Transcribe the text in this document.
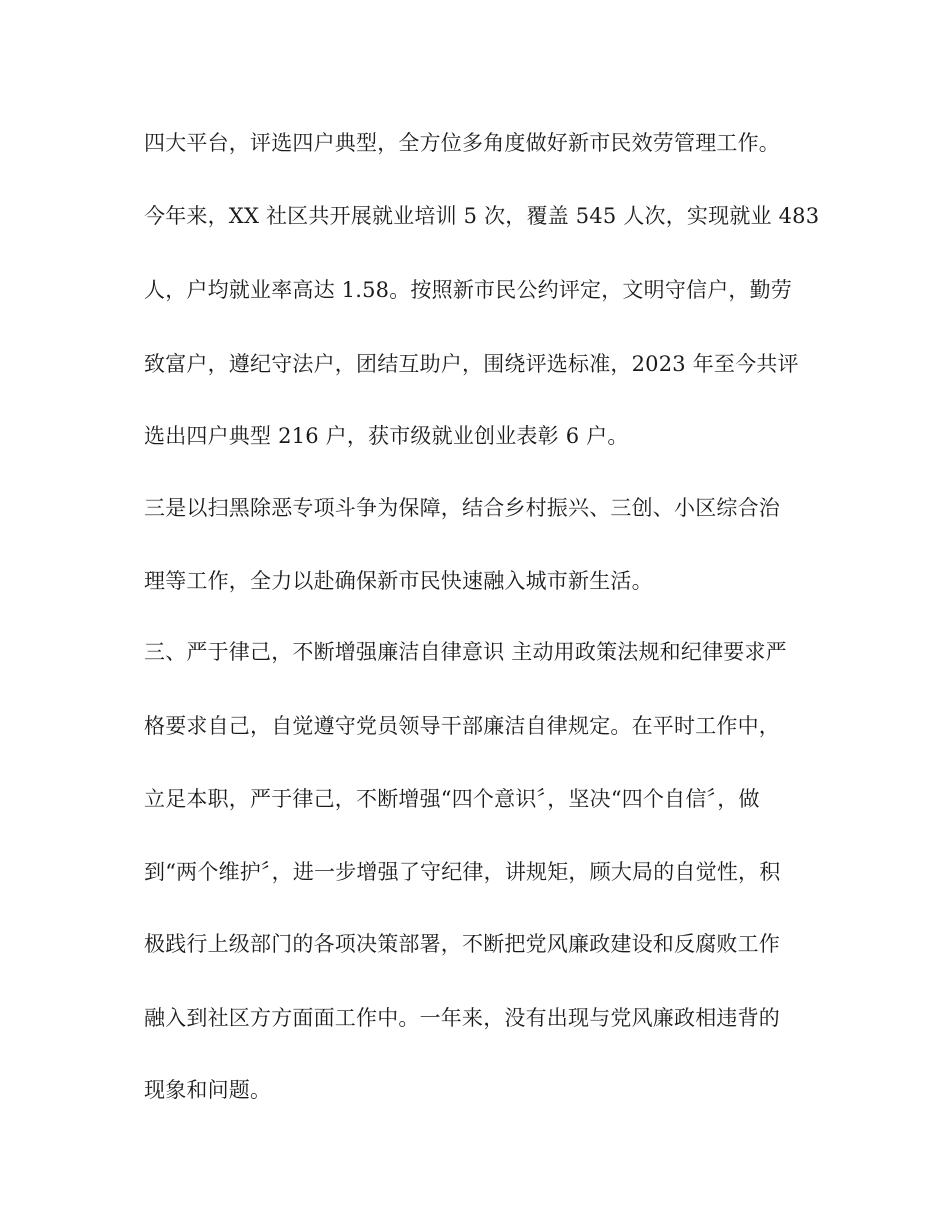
四大平台，评选四户典型，全方位多角度做好新市民效劳管理工作。
今年来，XX 社区共开展就业培训 5 次，覆盖 545 人次，实现就业 483
人，户均就业率高达 1.58。按照新市民公约评定，文明守信户，勤劳
致富户，遵纪守法户，团结互助户，围绕评选标准，2023 年至今共评
选出四户典型 216 户，获市级就业创业表彰 6 户。
三是以扫黑除恶专项斗争为保障，结合乡村振兴、三创、小区综合治
理等工作，全力以赴确保新市民快速融入城市新生活。
三、严于律己，不断增强廉洁自律意识 主动用政策法规和纪律要求严
格要求自己，自觉遵守党员领导干部廉洁自律规定。在平时工作中，
立足本职，严于律己，不断增强“四个意识〞，坚决“四个自信〞，做
到“两个维护〞，进一步增强了守纪律，讲规矩，顾大局的自觉性，积
极践行上级部门的各项决策部署，不断把党风廉政建设和反腐败工作
融入到社区方方面面工作中。一年来，没有出现与党风廉政相违背的
现象和问题。
